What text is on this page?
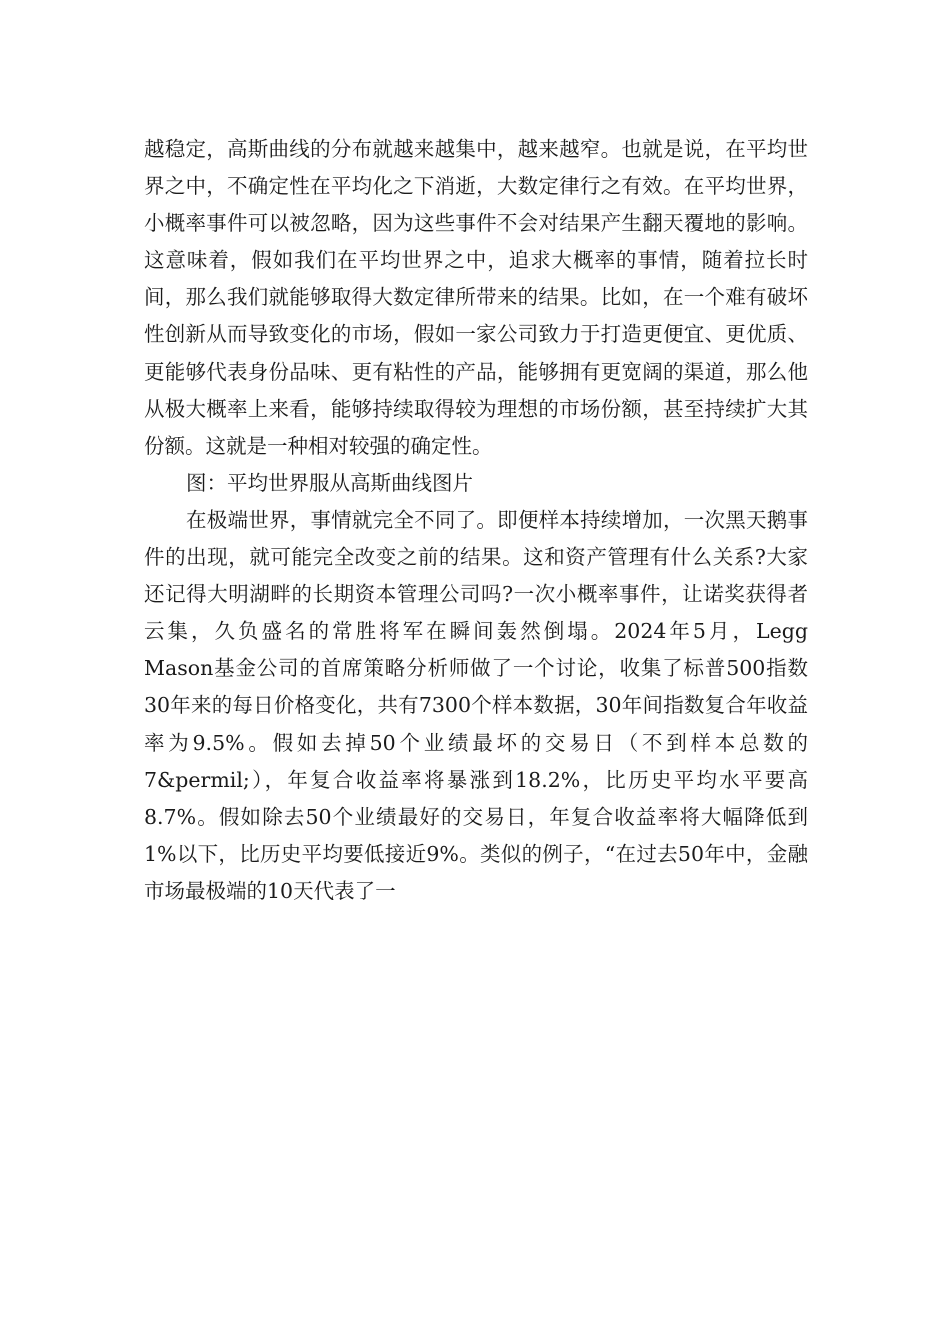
越稳定，高斯曲线的分布就越来越集中，越来越窄。也就是说，在平均世界之中，不确定性在平均化之下消逝，大数定律行之有效。在平均世界，小概率事件可以被忽略，因为这些事件不会对结果产生翻天覆地的影响。这意味着，假如我们在平均世界之中，追求大概率的事情，随着拉长时间，那么我们就能够取得大数定律所带来的结果。比如，在一个难有破坏性创新从而导致变化的市场，假如一家公司致力于打造更便宜、更优质、更能够代表身份品味、更有粘性的产品，能够拥有更宽阔的渠道，那么他从极大概率上来看，能够持续取得较为理想的市场份额，甚至持续扩大其份额。这就是一种相对较强的确定性。

图：平均世界服从高斯曲线图片

在极端世界，事情就完全不同了。即便样本持续增加，一次黑天鹅事件的出现，就可能完全改变之前的结果。这和资产管理有什么关系?大家还记得大明湖畔的长期资本管理公司吗?一次小概率事件，让诺奖获得者云集，久负盛名的常胜将军在瞬间轰然倒塌。2024年5月，Legg Mason基金公司的首席策略分析师做了一个讨论，收集了标普500指数30年来的每日价格变化，共有7300个样本数据，30年间指数复合年收益率为9.5%。假如去掉50个业绩最坏的交易日（不到样本总数的7&permil;），年复合收益率将暴涨到18.2%，比历史平均水平要高8.7%。假如除去50个业绩最好的交易日，年复合收益率将大幅降低到1%以下，比历史平均要低接近9%。类似的例子，“在过去50年中，金融市场最极端的10天代表了一
